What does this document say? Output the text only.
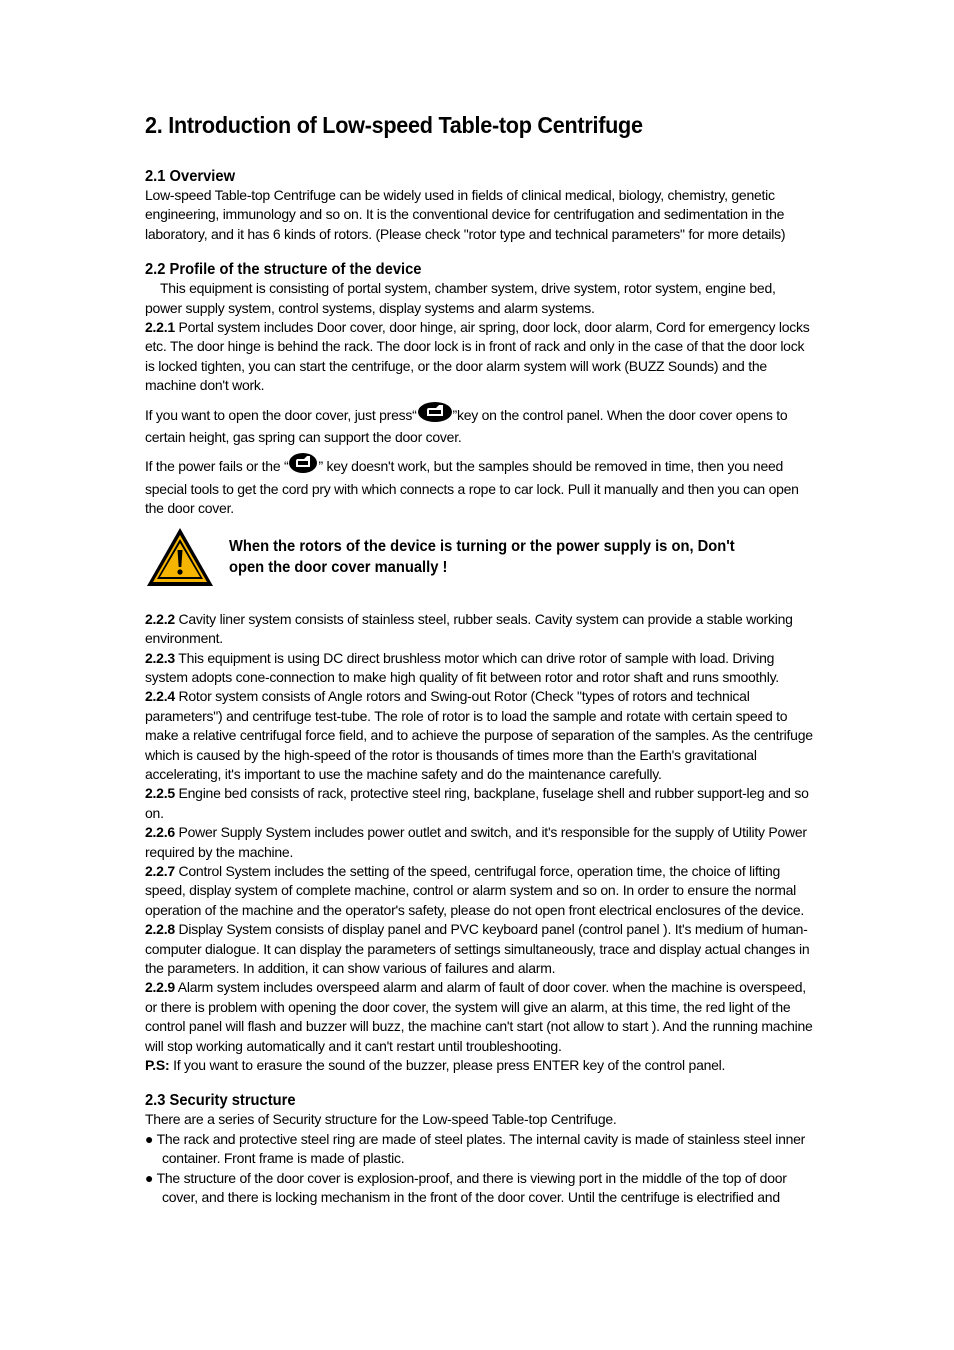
2. Introduction of Low-speed Table-top Centrifuge
2.1 Overview

Low-speed Table-top Centrifuge can be widely used in fields of clinical medical, biology, chemistry, genetic engineering, immunology and so on. It is the conventional device for centrifugation and sedimentation in the laboratory, and it has 6 kinds of rotors. (Please check "rotor type and technical parameters" for more details)

2.2 Profile of the structure of the device

This equipment is consisting of portal system, chamber system, drive system, rotor system, engine bed, power supply system, control systems, display systems and alarm systems.

2.2.1 Portal system includes Door cover, door hinge, air spring, door lock, door alarm, Cord for emergency locks etc. The door hinge is behind the rack. The door lock is in front of rack and only in the case of that the door lock is locked tighten, you can start the centrifuge, or the door alarm system will work (BUZZ Sounds) and the machine don't work.

If you want to open the door cover, just press“	”key on the control panel. When the door cover opens to certain height, gas spring can support the door cover.

If the power fails or the “ ” key doesn't work, but the samples should be removed in time, then you need special tools to get the cord pry with which connects a rope to car lock. Pull it manually and then you can open the door cover.

When the rotors of the device is turning or the power supply is on, Don't open the door cover manually !

2.2.2 Cavity liner system consists of stainless steel, rubber seals. Cavity system can provide a stable working environment.

2.2.3 This equipment is using DC direct brushless motor which can drive rotor of sample with load. Driving system adopts cone-connection to make high quality of fit between rotor and rotor shaft and runs smoothly.

2.2.4 Rotor system consists of Angle rotors and Swing-out Rotor (Check "types of rotors and technical parameters") and centrifuge test-tube. The role of rotor is to load the sample and rotate with certain speed to make a relative centrifugal force field, and to achieve the purpose of separation of the samples. As the centrifuge which is caused by the high-speed of the rotor is thousands of times more than the Earth's gravitational accelerating, it's important to use the machine safety and do the maintenance carefully.

2.2.5 Engine bed consists of rack, protective steel ring, backplane, fuselage shell and rubber support-leg and so on.

2.2.6 Power Supply System includes power outlet and switch, and it's responsible for the supply of Utility Power required by the machine.

2.2.7 Control System includes the setting of the speed, centrifugal force, operation time, the choice of lifting speed, display system of complete machine, control or alarm system and so on. In order to ensure the normal operation of the machine and the operator's safety, please do not open front electrical enclosures of the device.

2.2.8 Display System consists of display panel and PVC keyboard panel (control panel ). It's medium of human-computer dialogue. It can display the parameters of settings simultaneously, trace and display actual changes in the parameters. In addition, it can show various of failures and alarm.

2.2.9 Alarm system includes overspeed alarm and alarm of fault of door cover. when the machine is overspeed, or there is problem with opening the door cover, the system will give an alarm, at this time, the red light of the control panel will flash and buzzer will buzz, the machine can't start (not allow to start ). And the running machine will stop working automatically and it can't restart until troubleshooting.

P.S: If you want to erasure the sound of the buzzer, please press ENTER key of the control panel.

2.3 Security structure

There are a series of Security structure for the Low-speed Table-top Centrifuge.

● The rack and protective steel ring are made of steel plates. The internal cavity is made of stainless steel inner container. Front frame is made of plastic.

● The structure of the door cover is explosion-proof, and there is viewing port in the middle of the top of door cover, and there is locking mechanism in the front of the door cover. Until the centrifuge is electrified and
